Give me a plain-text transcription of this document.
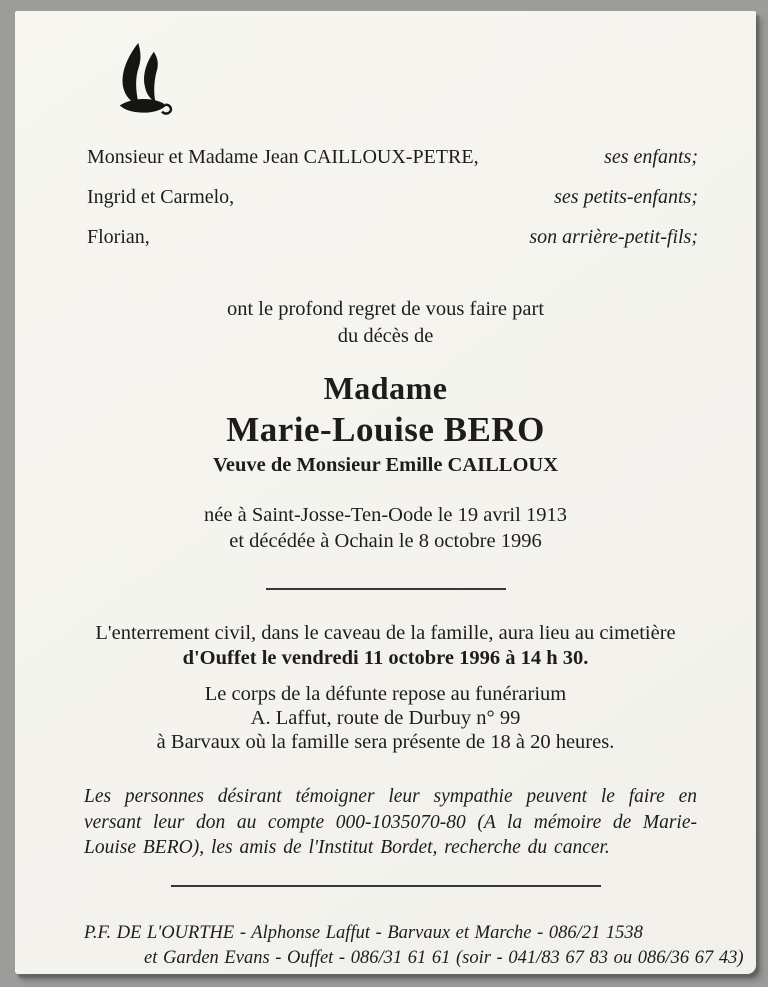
Monsieur et Madame Jean CAILLOUX-PETRE,	ses enfants;
Ingrid et Carmelo,	ses petits-enfants;
Florian,	son arrière-petit-fils;
ont le profond regret de vous faire part
du décès de
Madame
Marie-Louise BERO
Veuve de Monsieur Emille CAILLOUX
née à Saint-Josse-Ten-Oode le 19 avril 1913
et décédée à Ochain le 8 octobre 1996
L'enterrement civil, dans le caveau de la famille, aura lieu au cimetière
d'Ouffet le vendredi 11 octobre 1996 à 14 h 30.
Le corps de la défunte repose au funérarium
A. Laffut, route de Durbuy n° 99
à Barvaux où la famille sera présente de 18 à 20 heures.
Les personnes désirant témoigner leur sympathie peuvent le faire en
versant leur don au compte 000-1035070-80 (A la mémoire de Marie-
Louise BERO), les amis de l'Institut Bordet, recherche du cancer.
P.F. DE L'OURTHE - Alphonse Laffut - Barvaux et Marche - 086/21 1538
et Garden Evans - Ouffet - 086/31 61 61 (soir - 041/83 67 83 ou 086/36 67 43)
